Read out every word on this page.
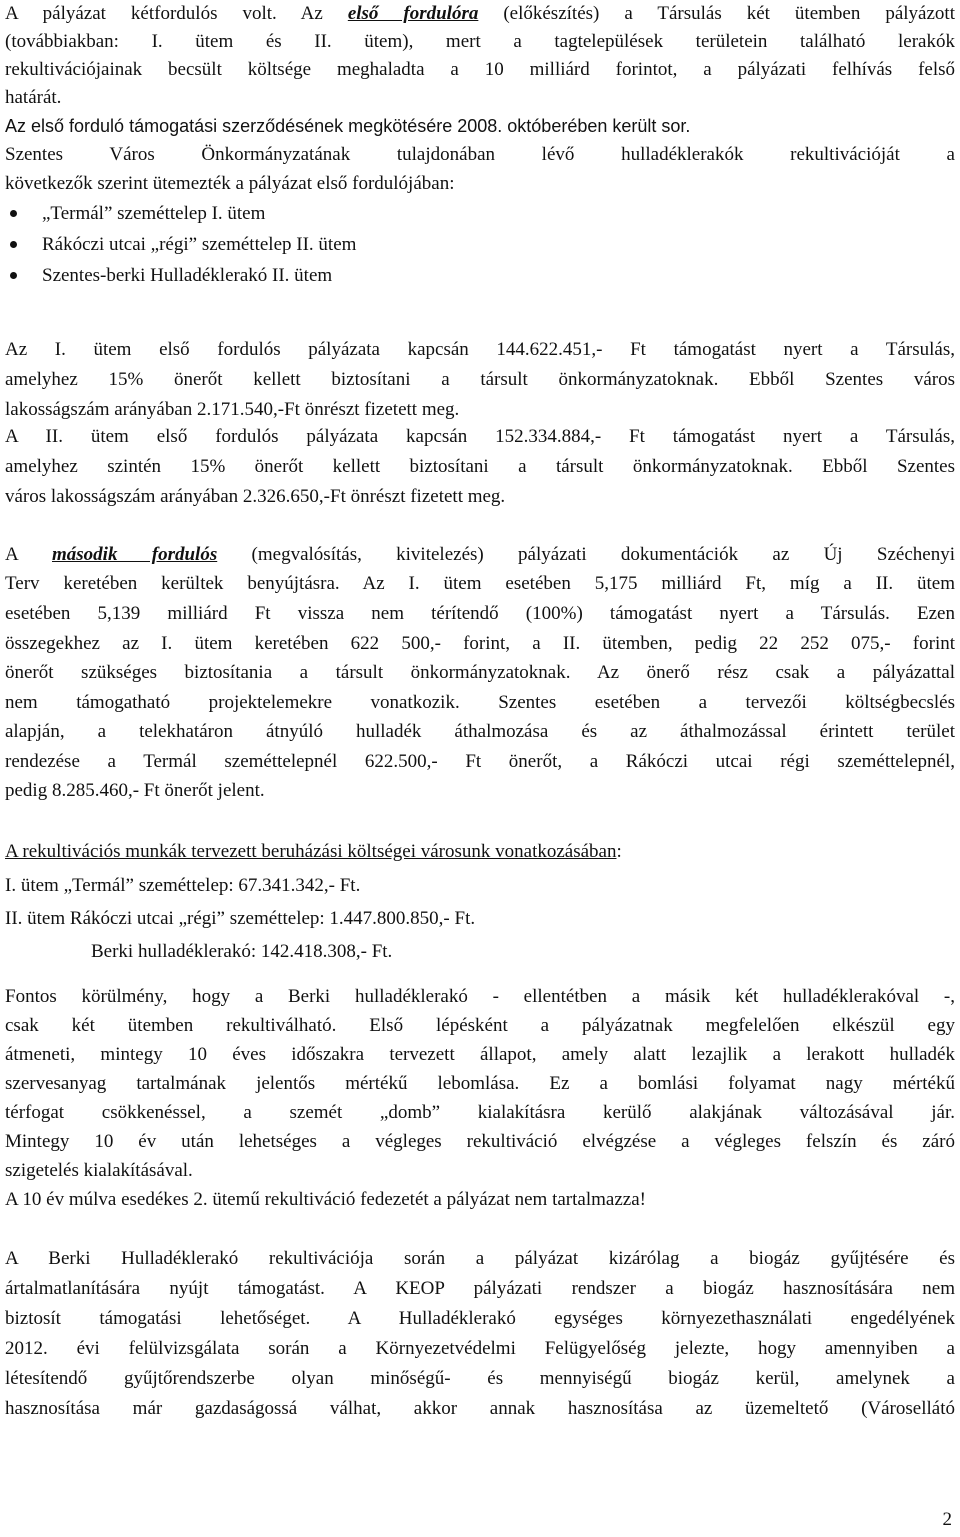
A pályázat kétfordulós volt. Az első fordulóra (előkészítés) a Társulás két ütemben pályázott
(továbbiakban: I. ütem és II. ütem), mert a tagtelepülések területein található lerakók
rekultivációjainak becsült költsége meghaladta a 10 milliárd forintot, a pályázati felhívás felső
határát.
Az első forduló támogatási szerződésének megkötésére 2008. októberében került sor.
Szentes Város Önkormányzatának tulajdonában lévő hulladéklerakók rekultivációját a
következők szerint ütemezték a pályázat első fordulójában:
„Termál” szeméttelep I. ütem
Rákóczi utcai „régi” szeméttelep II. ütem
Szentes-berki Hulladéklerakó II. ütem
Az I. ütem első fordulós pályázata kapcsán 144.622.451,- Ft támogatást nyert a Társulás,
amelyhez 15% önerőt kellett biztosítani a társult önkormányzatoknak. Ebből Szentes város
lakosságszám arányában 2.171.540,-Ft önrészt fizetett meg.
A II. ütem első fordulós pályázata kapcsán 152.334.884,- Ft támogatást nyert a Társulás,
amelyhez szintén 15% önerőt kellett biztosítani a társult önkormányzatoknak. Ebből Szentes
város lakosságszám arányában 2.326.650,-Ft önrészt fizetett meg.
A második fordulós (megvalósítás, kivitelezés) pályázati dokumentációk az Új Széchenyi
Terv keretében kerültek benyújtásra. Az I. ütem esetében 5,175 milliárd Ft, míg a II. ütem
esetében 5,139 milliárd Ft vissza nem térítendő (100%) támogatást nyert a Társulás. Ezen
összegekhez az I. ütem keretében 622 500,- forint, a II. ütemben, pedig 22 252 075,- forint
önerőt szükséges biztosítania a társult önkormányzatoknak. Az önerő rész csak a pályázattal
nem támogatható projektelemekre vonatkozik. Szentes esetében a tervezői költségbecslés
alapján, a telekhatáron átnyúló hulladék áthalmozása és az áthalmozással érintett terület
rendezése a Termál szeméttelepnél 622.500,- Ft önerőt, a Rákóczi utcai régi szeméttelepnél,
pedig 8.285.460,- Ft önerőt jelent.
A rekultivációs munkák tervezett beruházási költségei városunk vonatkozásában:
I. ütem „Termál” szeméttelep: 67.341.342,- Ft.
II. ütem Rákóczi utcai „régi” szeméttelep: 1.447.800.850,- Ft.
Berki hulladéklerakó: 142.418.308,- Ft.
Fontos körülmény, hogy a Berki hulladéklerakó - ellentétben a másik két hulladéklerakóval -,
csak két ütemben rekultiválható. Első lépésként a pályázatnak megfelelően elkészül egy
átmeneti, mintegy 10 éves időszakra tervezett állapot, amely alatt lezajlik a lerakott hulladék
szervesanyag tartalmának jelentős mértékű lebomlása. Ez a bomlási folyamat nagy mértékű
térfogat csökkenéssel, a szemét „domb” kialakításra kerülő alakjának változásával jár.
Mintegy 10 év után lehetséges a végleges rekultiváció elvégzése a végleges felszín és záró
szigetelés kialakításával.
A 10 év múlva esedékes 2. ütemű rekultiváció fedezetét a pályázat nem tartalmazza!
A Berki Hulladéklerakó rekultivációja során a pályázat kizárólag a biogáz gyűjtésére és
ártalmatlanítására nyújt támogatást. A KEOP pályázati rendszer a biogáz hasznosítására nem
biztosít támogatási lehetőséget. A Hulladéklerakó egységes környezethasználati engedélyének
2012. évi felülvizsgálata során a Környezetvédelmi Felügyelőség jelezte, hogy amennyiben a
létesítendő gyűjtőrendszerbe olyan minőségű- és mennyiségű biogáz kerül, amelynek a
hasznosítása már gazdaságossá válhat, akkor annak hasznosítása az üzemeltető (Városellátó
2
